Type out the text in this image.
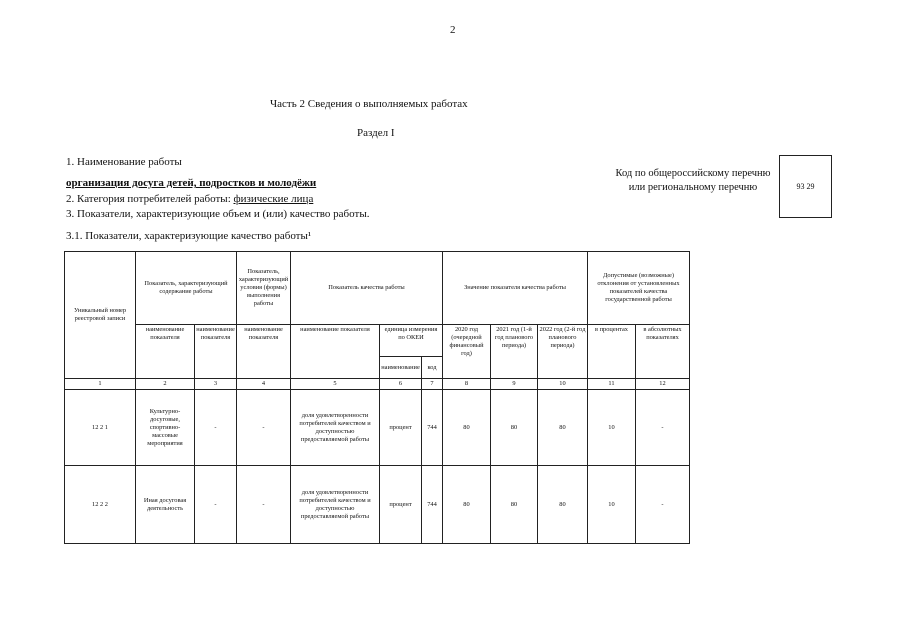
2
Часть 2 Сведения о выполняемых работах
Раздел I
1. Наименование работы
организация досуга детей, подростков и молодёжи
2. Категория потребителей работы: физические лица
3. Показатели, характеризующие объем и (или) качество работы.
3.1. Показатели, характеризующие качество работы¹
Код по общероссийскому перечню или региональному перечню	93 29
Уникальный номер реестровой записи	Показатель, характеризующий содержание работы		Показатель, характеризующий условия (формы) выполнения работы	Показатель качества работы			Значение показателя качества работы			Допустимые (возможные) отклонения от установленных показателей качества государственной работы	
	наименование показателя	наименование показателя	наименование показателя	наименование показателя	единица измерения по ОКЕИ		2020 год (очередной финансовый год)	2021 год (1-й год планового периода)	2022 год (2-й год планового периода)	в процентах	в абсолютных показателях
					наименование	код					
1	2	3	4	5	6	7	8	9	10	11	12
12 2 1	Культурно-досуговые, спортивно-массовые мероприятия	-	-	доля удовлетворенности потребителей качеством и доступностью предоставляемой работы	процент	744	80	80	80	10	-
12 2 2	Иная досуговая деятельность	-	-	доля удовлетворенности потребителей качеством и доступностью предоставляемой работы	процент	744	80	80	80	10	-
